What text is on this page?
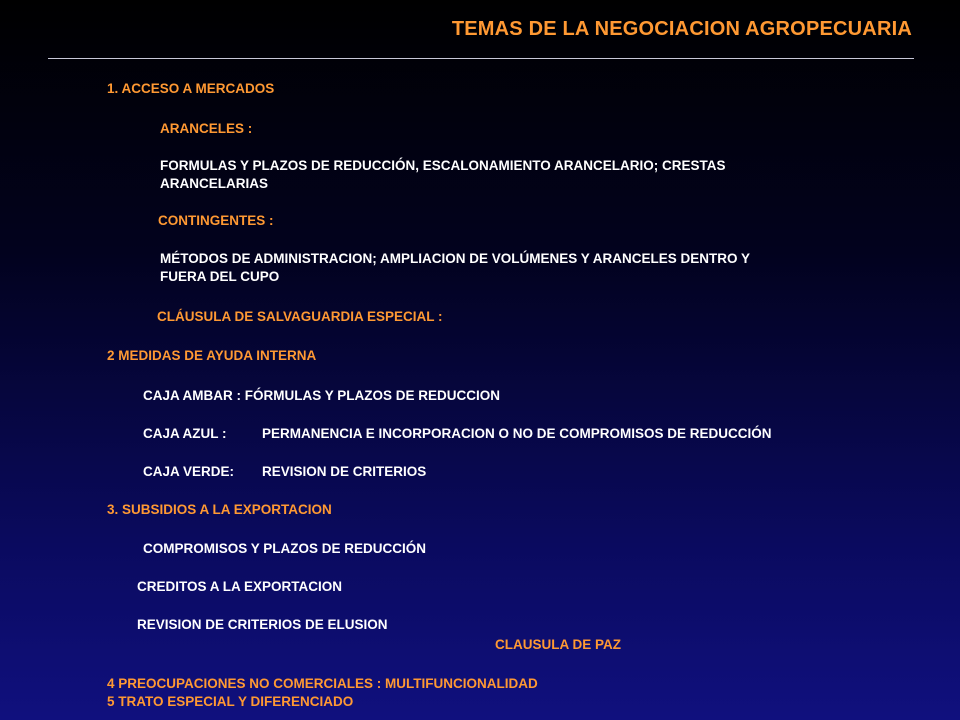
TEMAS DE LA NEGOCIACION AGROPECUARIA
1. ACCESO A MERCADOS
ARANCELES :
FORMULAS Y PLAZOS DE REDUCCIÓN, ESCALONAMIENTO ARANCELARIO; CRESTAS
ARANCELARIAS
CONTINGENTES :
MÉTODOS DE ADMINISTRACION; AMPLIACION DE VOLÚMENES Y ARANCELES DENTRO Y
FUERA DEL CUPO
CLÁUSULA DE SALVAGUARDIA ESPECIAL :
2 MEDIDAS DE AYUDA INTERNA
CAJA AMBAR : FÓRMULAS Y PLAZOS DE REDUCCION
CAJA AZUL :	PERMANENCIA E INCORPORACION O NO DE COMPROMISOS DE REDUCCIÓN
CAJA VERDE: REVISION DE CRITERIOS
3. SUBSIDIOS A LA EXPORTACION
COMPROMISOS Y PLAZOS DE REDUCCIÓN
CREDITOS A LA EXPORTACION
REVISION DE CRITERIOS DE ELUSION
CLAUSULA DE PAZ
4 PREOCUPACIONES NO COMERCIALES : MULTIFUNCIONALIDAD
5 TRATO ESPECIAL Y DIFERENCIADO
